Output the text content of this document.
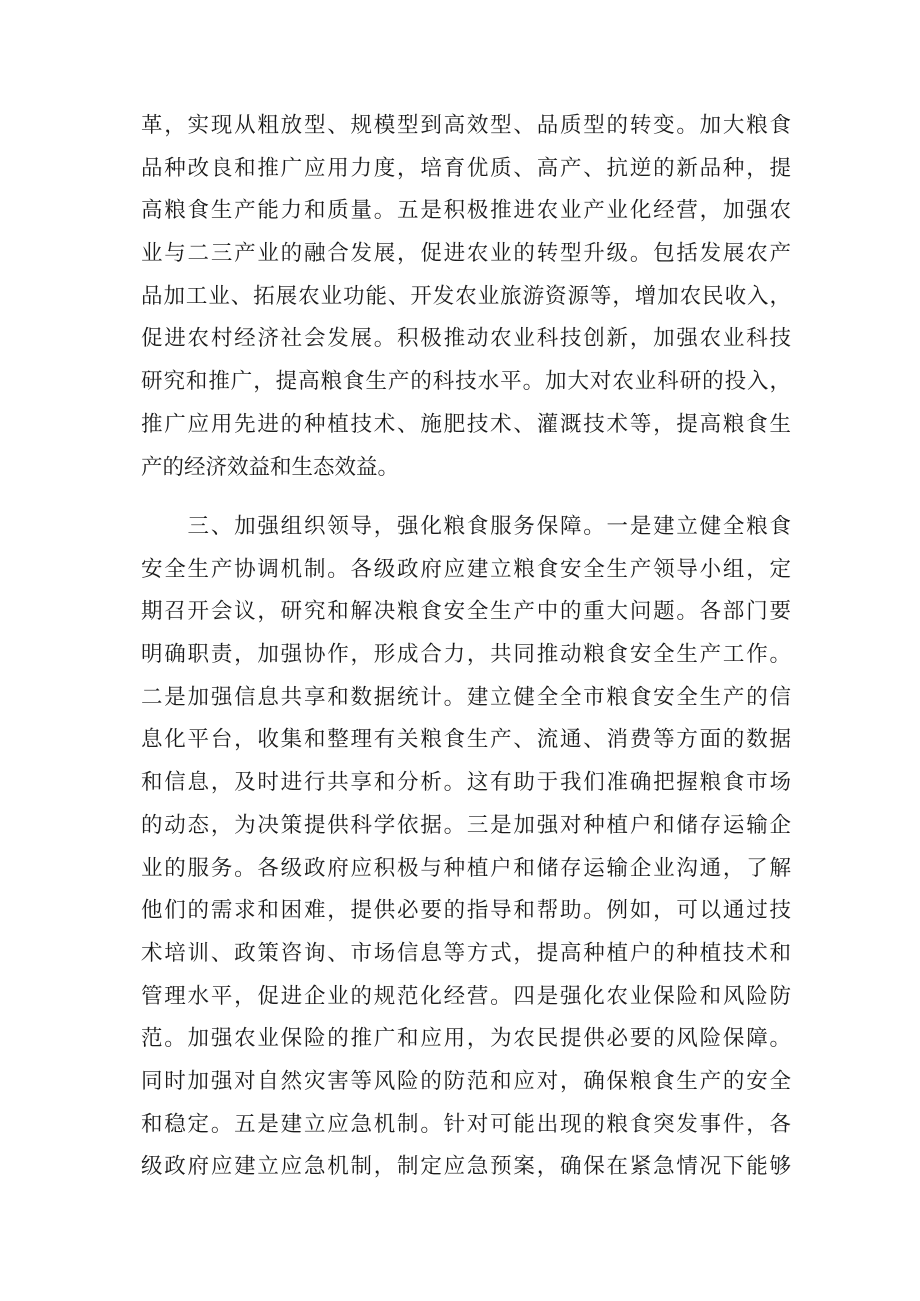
革，实现从粗放型、规模型到高效型、品质型的转变。加大粮食
品种改良和推广应用力度，培育优质、高产、抗逆的新品种，提
高粮食生产能力和质量。五是积极推进农业产业化经营，加强农
业与二三产业的融合发展，促进农业的转型升级。包括发展农产
品加工业、拓展农业功能、开发农业旅游资源等，增加农民收入，
促进农村经济社会发展。积极推动农业科技创新，加强农业科技
研究和推广，提高粮食生产的科技水平。加大对农业科研的投入，
推广应用先进的种植技术、施肥技术、灌溉技术等，提高粮食生
产的经济效益和生态效益。
　　三、加强组织领导，强化粮食服务保障。一是建立健全粮食
安全生产协调机制。各级政府应建立粮食安全生产领导小组，定
期召开会议，研究和解决粮食安全生产中的重大问题。各部门要
明确职责，加强协作，形成合力，共同推动粮食安全生产工作。
二是加强信息共享和数据统计。建立健全全市粮食安全生产的信
息化平台，收集和整理有关粮食生产、流通、消费等方面的数据
和信息，及时进行共享和分析。这有助于我们准确把握粮食市场
的动态，为决策提供科学依据。三是加强对种植户和储存运输企
业的服务。各级政府应积极与种植户和储存运输企业沟通，了解
他们的需求和困难，提供必要的指导和帮助。例如，可以通过技
术培训、政策咨询、市场信息等方式，提高种植户的种植技术和
管理水平，促进企业的规范化经营。四是强化农业保险和风险防
范。加强农业保险的推广和应用，为农民提供必要的风险保障。
同时加强对自然灾害等风险的防范和应对，确保粮食生产的安全
和稳定。五是建立应急机制。针对可能出现的粮食突发事件，各
级政府应建立应急机制，制定应急预案，确保在紧急情况下能够
